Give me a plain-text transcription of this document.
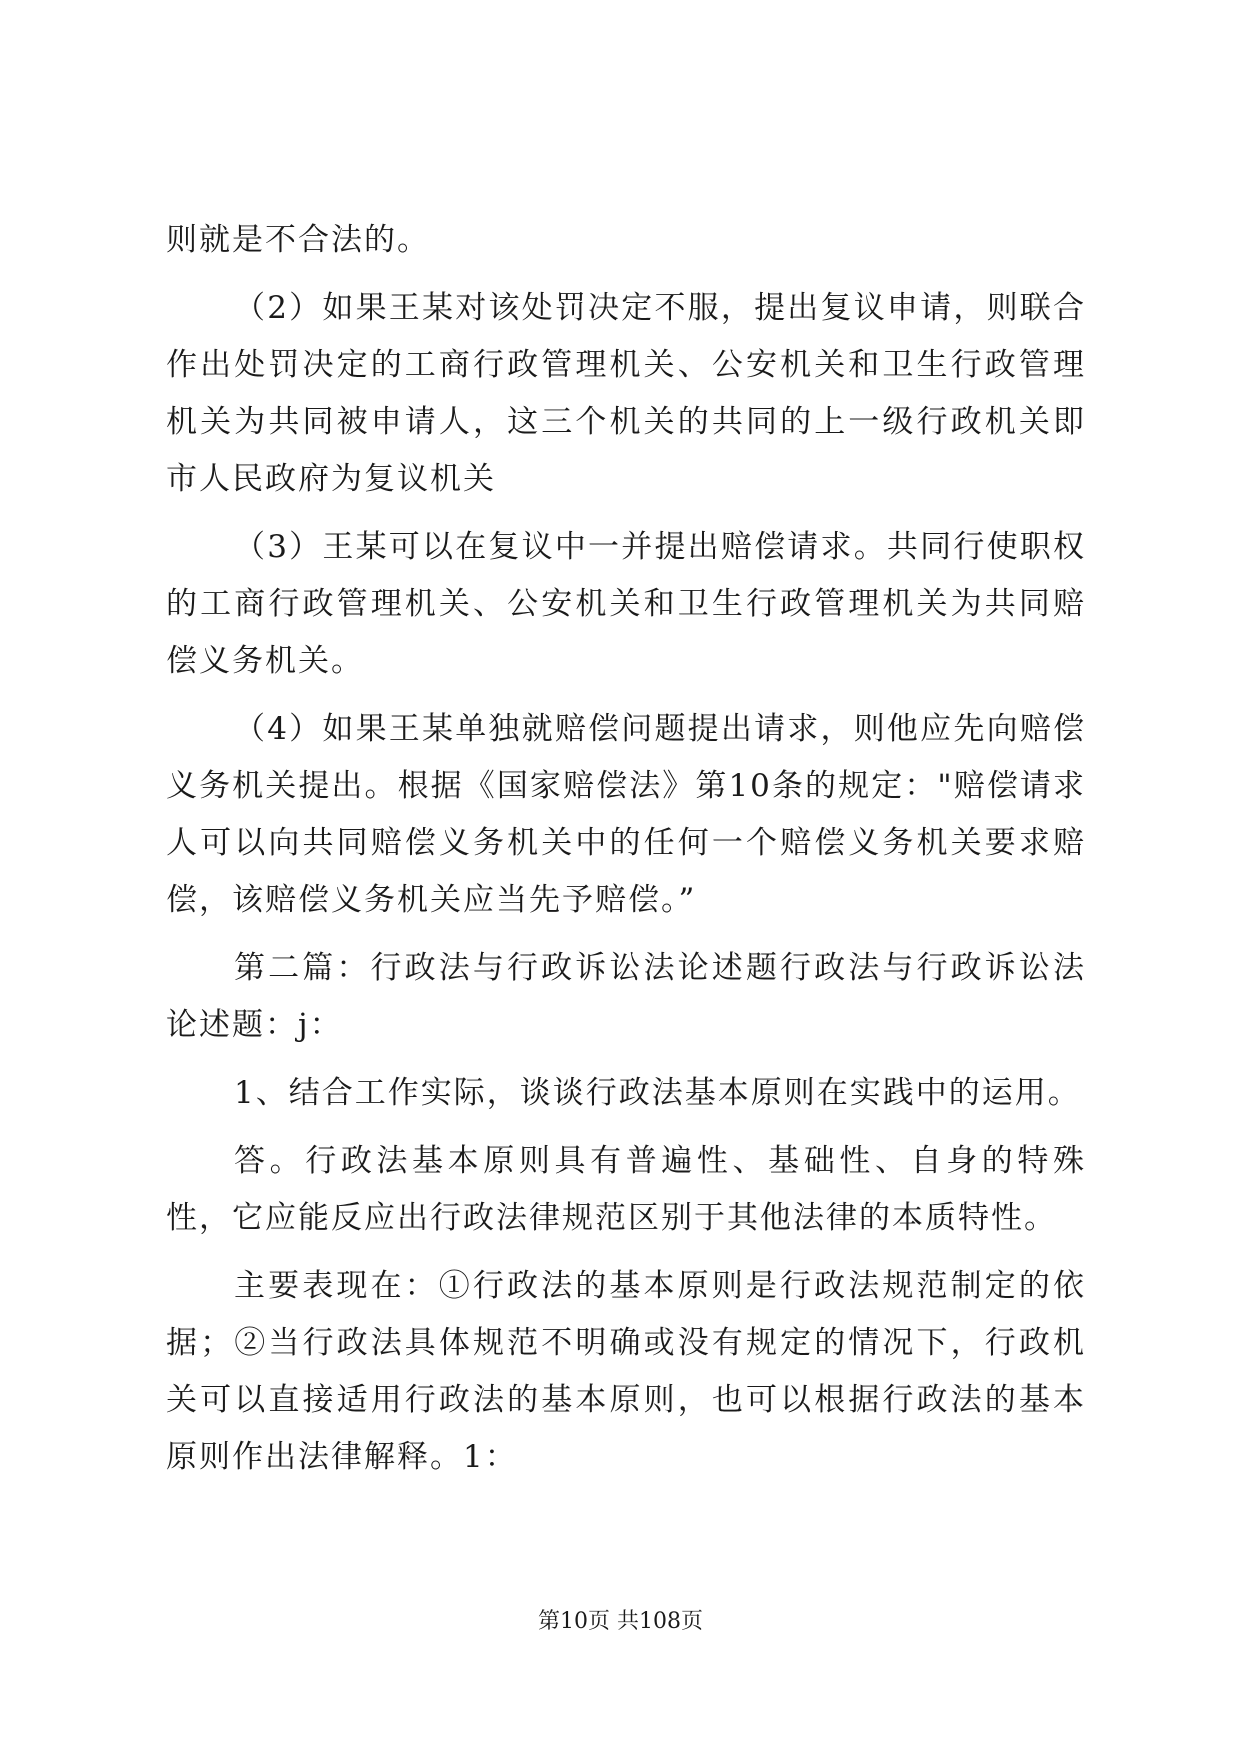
则就是不合法的。

（2）如果王某对该处罚决定不服，提出复议申请，则联合作出处罚决定的工商行政管理机关、公安机关和卫生行政管理机关为共同被申请人，这三个机关的共同的上一级行政机关即市人民政府为复议机关

（3）王某可以在复议中一并提出赔偿请求。共同行使职权的工商行政管理机关、公安机关和卫生行政管理机关为共同赔偿义务机关。

（4）如果王某单独就赔偿问题提出请求，则他应先向赔偿义务机关提出。根据《国家赔偿法》第10条的规定："赔偿请求人可以向共同赔偿义务机关中的任何一个赔偿义务机关要求赔偿，该赔偿义务机关应当先予赔偿。”

第二篇：行政法与行政诉讼法论述题行政法与行政诉讼法论述题：j：

1、结合工作实际，谈谈行政法基本原则在实践中的运用。

答。行政法基本原则具有普遍性、基础性、自身的特殊性，它应能反应出行政法律规范区别于其他法律的本质特性。

主要表现在：①行政法的基本原则是行政法规范制定的依据；②当行政法具体规范不明确或没有规定的情况下，行政机关可以直接适用行政法的基本原则，也可以根据行政法的基本原则作出法律解释。1：

第10页 共108页
